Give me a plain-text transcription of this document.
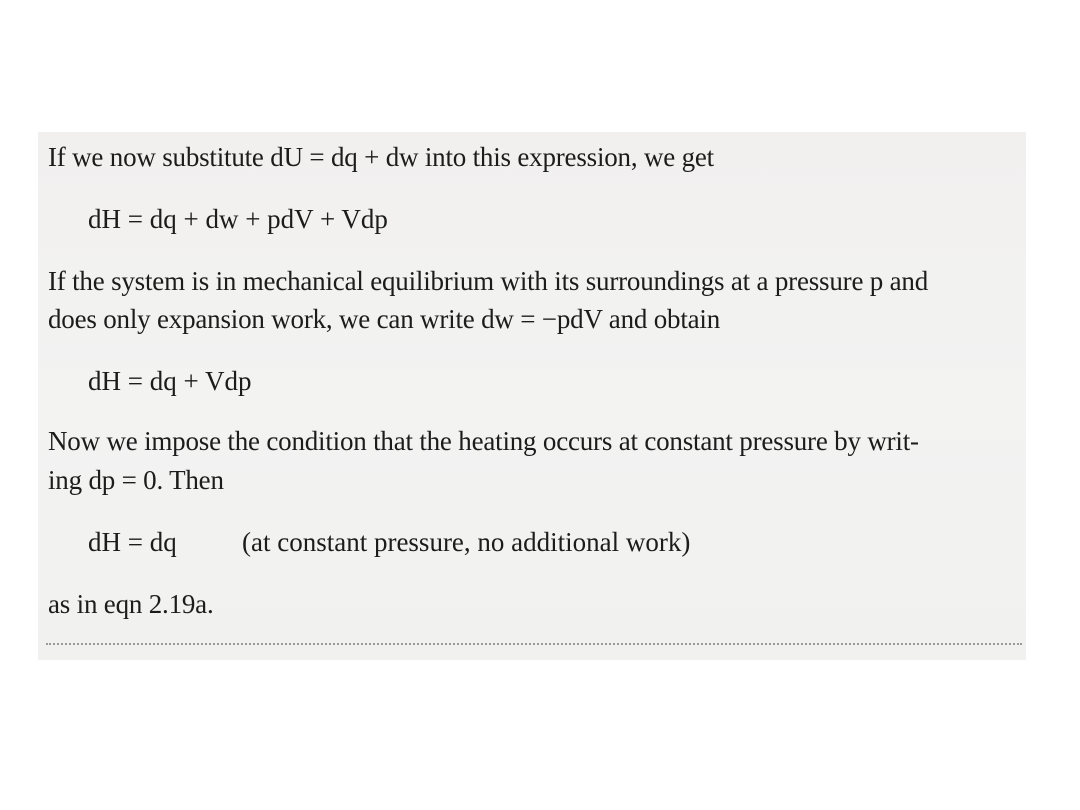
If we now substitute dU = dq + dw into this expression, we get
dH = dq + dw + pdV + Vdp
If the system is in mechanical equilibrium with its surroundings at a pressure p and
does only expansion work, we can write dw = −pdV and obtain
dH = dq + Vdp
Now we impose the condition that the heating occurs at constant pressure by writ-
ing dp = 0. Then
dH = dq (at constant pressure, no additional work)
as in eqn 2.19a.
